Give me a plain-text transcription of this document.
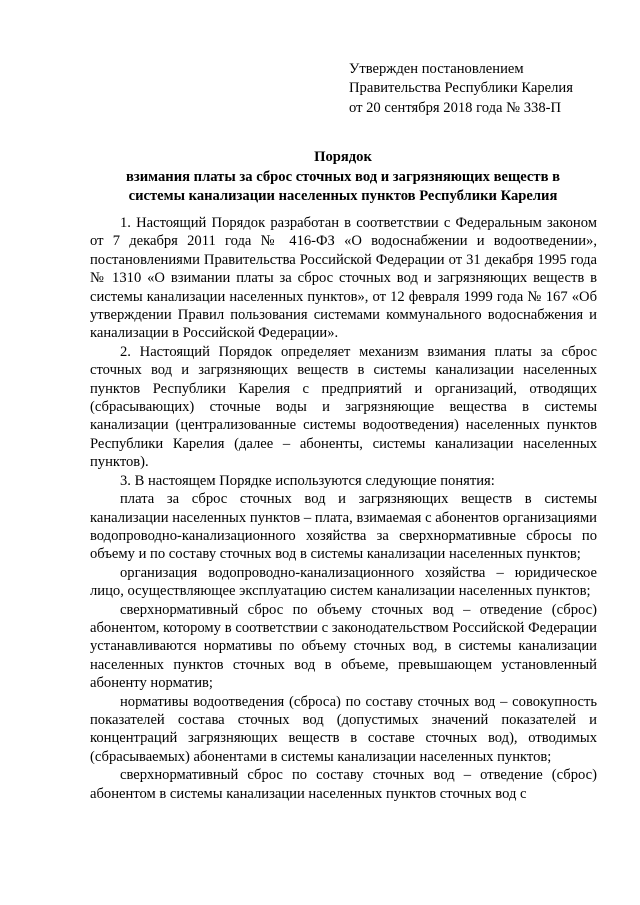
Утвержден постановлением
Правительства Республики Карелия
от 20 сентября 2018 года № 338-П
Порядок
взимания платы за сброс сточных вод и загрязняющих веществ в
системы канализации населенных пунктов Республики Карелия

1. Настоящий Порядок разработан в соответствии с Федеральным законом от 7 декабря 2011 года № 416-ФЗ «О водоснабжении и водоотведении», постановлениями Правительства Российской Федерации от 31 декабря 1995 года № 1310 «О взимании платы за сброс сточных вод и загрязняющих веществ в системы канализации населенных пунктов», от 12 февраля 1999 года № 167 «Об утверждении Правил пользования системами коммунального водоснабжения и канализации в Российской Федерации».

2. Настоящий Порядок определяет механизм взимания платы за сброс сточных вод и загрязняющих веществ в системы канализации населенных пунктов Республики Карелия с предприятий и организаций, отводящих (сбрасывающих) сточные воды и загрязняющие вещества в системы канализации (централизованные системы водоотведения) населенных пунктов Республики Карелия (далее – абоненты, системы канализации населенных пунктов).

3. В настоящем Порядке используются следующие понятия:

плата за сброс сточных вод и загрязняющих веществ в системы канализации населенных пунктов – плата, взимаемая с абонентов организациями водопроводно-канализационного хозяйства за сверхнормативные сбросы по объему и по составу сточных вод в системы канализации населенных пунктов;

организация водопроводно-канализационного хозяйства – юридическое лицо, осуществляющее эксплуатацию систем канализации населенных пунктов;

сверхнормативный сброс по объему сточных вод – отведение (сброс) абонентом, которому в соответствии с законодательством Российской Федерации устанавливаются нормативы по объему сточных вод, в системы канализации населенных пунктов сточных вод в объеме, превышающем установленный абоненту норматив;

нормативы водоотведения (сброса) по составу сточных вод – совокупность показателей состава сточных вод (допустимых значений показателей и концентраций загрязняющих веществ в составе сточных вод), отводимых (сбрасываемых) абонентами в системы канализации населенных пунктов;

сверхнормативный сброс по составу сточных вод – отведение (сброс) абонентом в системы канализации населенных пунктов сточных вод с
